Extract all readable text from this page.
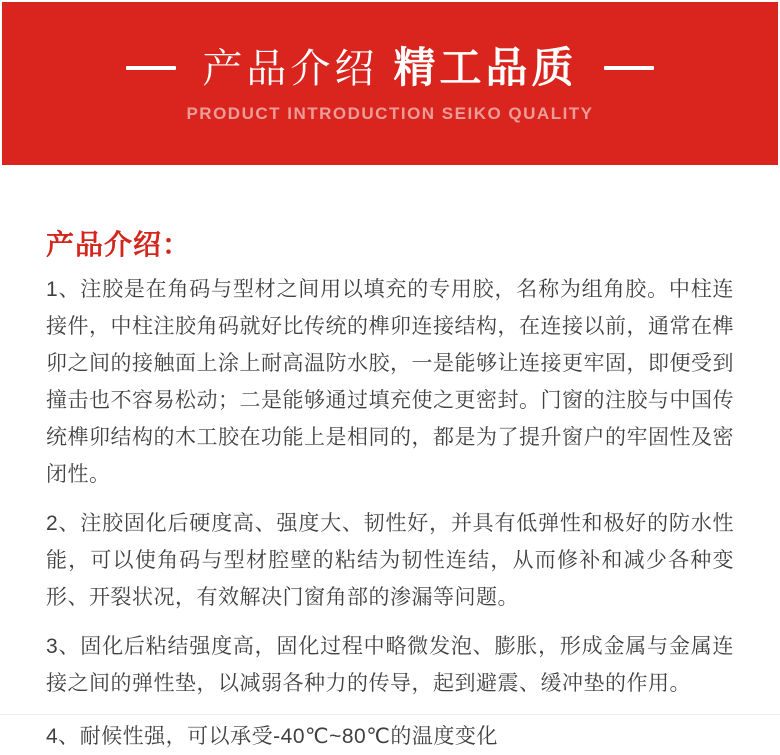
产品介绍 精工品质
PRODUCT INTRODUCTION SEIKO QUALITY
产品介绍：

1、注胶是在角码与型材之间用以填充的专用胶，名称为组角胶。中柱连接件，中柱注胶角码就好比传统的榫卯连接结构，在连接以前，通常在榫卯之间的接触面上涂上耐高温防水胶，一是能够让连接更牢固，即便受到撞击也不容易松动；二是能够通过填充使之更密封。门窗的注胶与中国传统榫卯结构的木工胶在功能上是相同的，都是为了提升窗户的牢固性及密闭性。

2、注胶固化后硬度高、强度大、韧性好，并具有低弹性和极好的防水性能，可以使角码与型材腔壁的粘结为韧性连结，从而修补和减少各种变形、开裂状况，有效解决门窗角部的渗漏等问题。

3、固化后粘结强度高，固化过程中略微发泡、膨胀，形成金属与金属连接之间的弹性垫，以减弱各种力的传导，起到避震、缓冲垫的作用。

4、耐候性强，可以承受-40℃~80℃的温度变化
